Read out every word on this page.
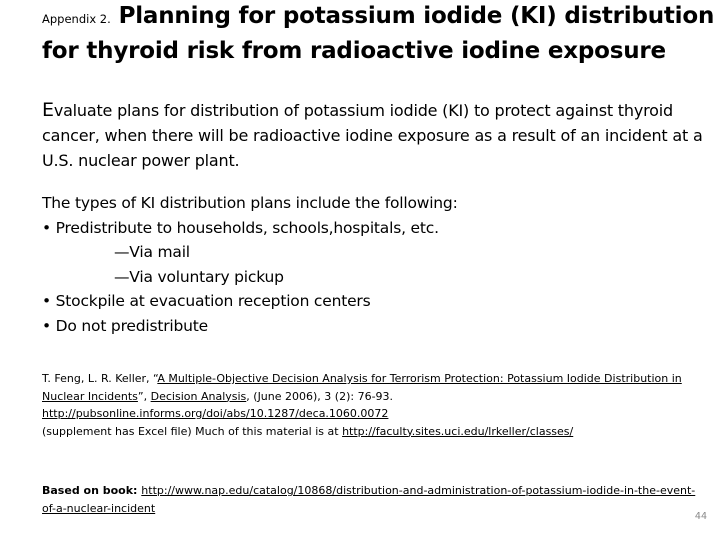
Appendix 2. Planning for potassium iodide (KI) distribution
for thyroid risk from radioactive iodine exposure
Evaluate plans for distribution of potassium iodide (KI) to protect against thyroid cancer, when there will be radioactive iodine exposure as a result of an incident at a U.S. nuclear power plant.
The types of KI distribution plans include the following:
• Predistribute to households, schools,hospitals, etc.
—Via mail
—Via voluntary pickup
• Stockpile at evacuation reception centers
• Do not predistribute
T. Feng, L. R. Keller, “A Multiple-Objective Decision Analysis for Terrorism Protection: Potassium Iodide Distribution in Nuclear Incidents”, Decision Analysis, (June 2006), 3 (2): 76-93.
http://pubsonline.informs.org/doi/abs/10.1287/deca.1060.0072
(supplement has Excel file) Much of this material is at http://faculty.sites.uci.edu/lrkeller/classes/
Based on book: http://www.nap.edu/catalog/10868/distribution-and-administration-of-potassium-iodide-in-the-event-of-a-nuclear-incident
44
